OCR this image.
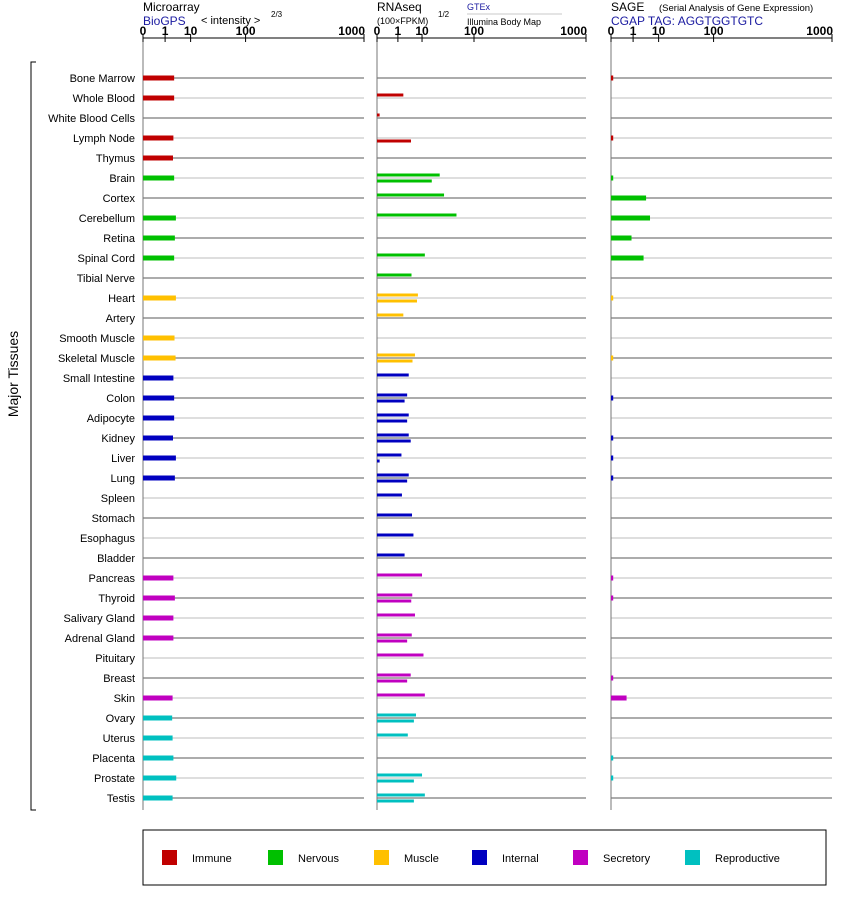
Bone Marrow
Whole Blood
White Blood Cells
Lymph Node
Thymus
Brain
Cortex
Cerebellum
Retina
Spinal Cord
Tibial Nerve
Heart
Artery
Smooth Muscle
Skeletal Muscle
Small Intestine
Colon
Adipocyte
Kidney
Liver
Lung
Spleen
Stomach
Esophagus
Bladder
Pancreas
Thyroid
Salivary Gland
Adrenal Gland
Pituitary
Breast
Skin
Ovary
Uterus
Placenta
Prostate
Testis
0 1 10	100	1000 0 1 10	100	1000 0 1 10	100	1000
Microarray
BioGPS < intensity >
2/3
RNAseq
(100×FPKM)
1/2
GTEx
Illumina Body Map
SAGE (Serial Analysis of Gene Expression)
CGAP TAG: AGGTGGTGTC
Major Tissues
Immune	Nervous	Muscle	Internal	Secretory	Reproductive
